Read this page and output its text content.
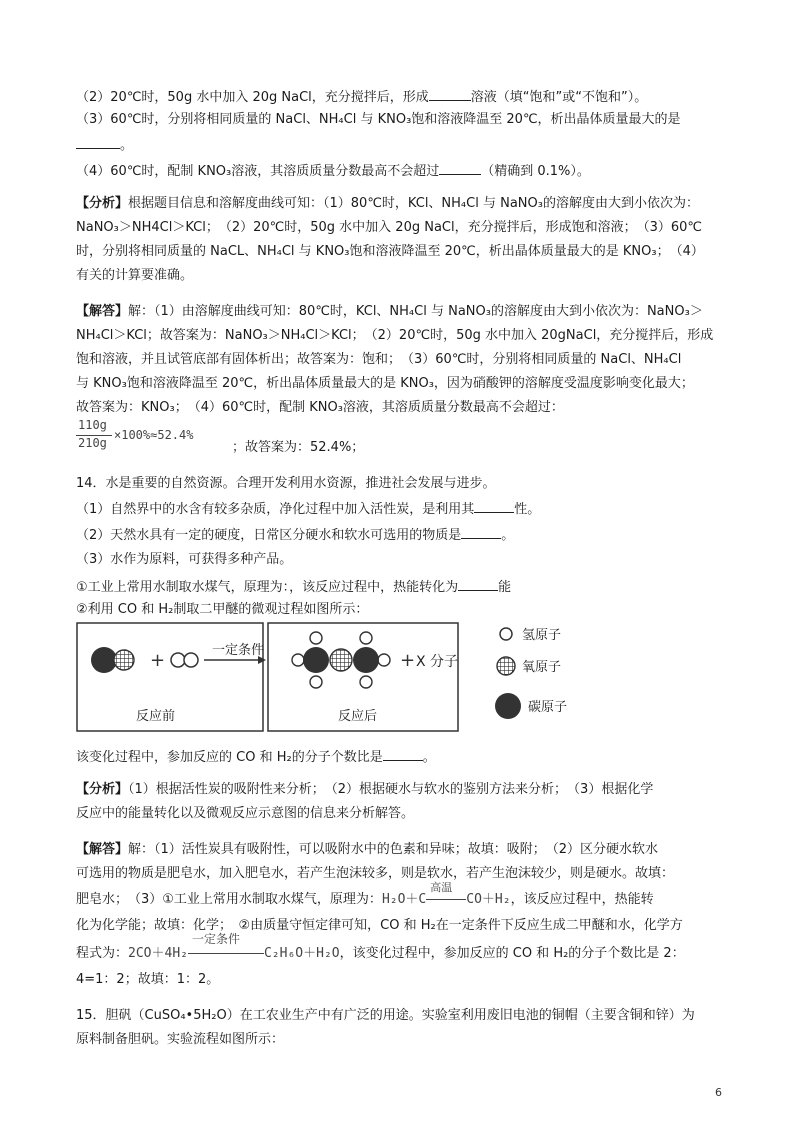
（2）20℃时，50g 水中加入 20g NaCl，充分搅拌后，形成	溶液（填“饱和”或“不饱和”）。
（3）60℃时，分别将相同质量的 NaCl、NH₄Cl 与 KNO₃饱和溶液降温至 20℃，析出晶体质量最大的是
。
（4）60℃时，配制 KNO₃溶液，其溶质质量分数最高不会超过	（精确到 0.1%）。
【分析】根据题目信息和溶解度曲线可知：（1）80℃时，KCl、NH₄Cl 与 NaNO₃的溶解度由大到小依次为：
NaNO₃＞NH4Cl＞KCl；　（2）20℃时，50g 水中加入 20g NaCl，充分搅拌后，形成饱和溶液；　（3）60℃
时，分别将相同质量的 NaCL、NH₄Cl 与 KNO₃饱和溶液降温至 20℃，析出晶体质量最大的是 KNO₃；　（4）
有关的计算要准确。
【解答】解：（1）由溶解度曲线可知：80℃时，KCl、NH₄Cl 与 NaNO₃的溶解度由大到小依次为：NaNO₃＞
NH₄Cl＞KCl；故答案为：NaNO₃＞NH₄Cl＞KCl；　（2）20℃时，50g 水中加入 20gNaCl，充分搅拌后，形成
饱和溶液，并且试管底部有固体析出；故答案为：饱和；　（3）60℃时，分别将相同质量的 NaCl、NH₄Cl
与 KNO₃饱和溶液降温至 20℃，析出晶体质量最大的是 KNO₃，因为硝酸钾的溶解度受温度影响变化最大；
故答案为：KNO₃；　（4）60℃时，配制 KNO₃溶液，其溶质质量分数最高不会超过：
110g
210g
×100%≈52.4%
；故答案为：52.4%；
14．水是重要的自然资源。合理开发利用水资源，推进社会发展与进步。
（1）自然界中的水含有较多杂质，净化过程中加入活性炭，是利用其	性。
（2）天然水具有一定的硬度，日常区分硬水和软水可选用的物质是	。
（3）水作为原料，可获得多种产品。
①工业上常用水制取水煤气，原理为：，该反应过程中，热能转化为	能
②利用 CO 和 H₂制取二甲醚的微观过程如图所示：
+	一定条件	+ X 分子
反应前	反应后
氢原子
氧原子
碳原子
该变化过程中，参加反应的 CO 和 H₂的分子个数比是	。
【分析】（1）根据活性炭的吸附性来分析；　（2）根据硬水与软水的鉴别方法来分析；　（3）根据化学
反应中的能量转化以及微观反应示意图的信息来分析解答。
【解答】解：（1）活性炭具有吸附性，可以吸附水中的色素和异味；故填：吸附；　（2）区分硬水软水
可选用的物质是肥皂水，加入肥皂水，若产生泡沫较多，则是软水，若产生泡沫较少，则是硬水。故填：
肥皂水；　（3）①工业上常用水制取水煤气，原理为：H₂O＋C
高温
CO＋H₂，该反应过程中，热能转
化为化学能；故填：化学；　②由质量守恒定律可知，CO 和 H₂在一定条件下反应生成二甲醚和水，化学方
程式为：2CO＋4H₂
一定条件
C₂H₆O＋H₂O，该变化过程中，参加反应的 CO 和 H₂的分子个数比是 2：
4=1：2；故填：1：2。
15．胆矾（CuSO₄•5H₂O）在工农业生产中有广泛的用途。实验室利用废旧电池的铜帽（主要含铜和锌）为
原料制备胆矾。实验流程如图所示：
6
